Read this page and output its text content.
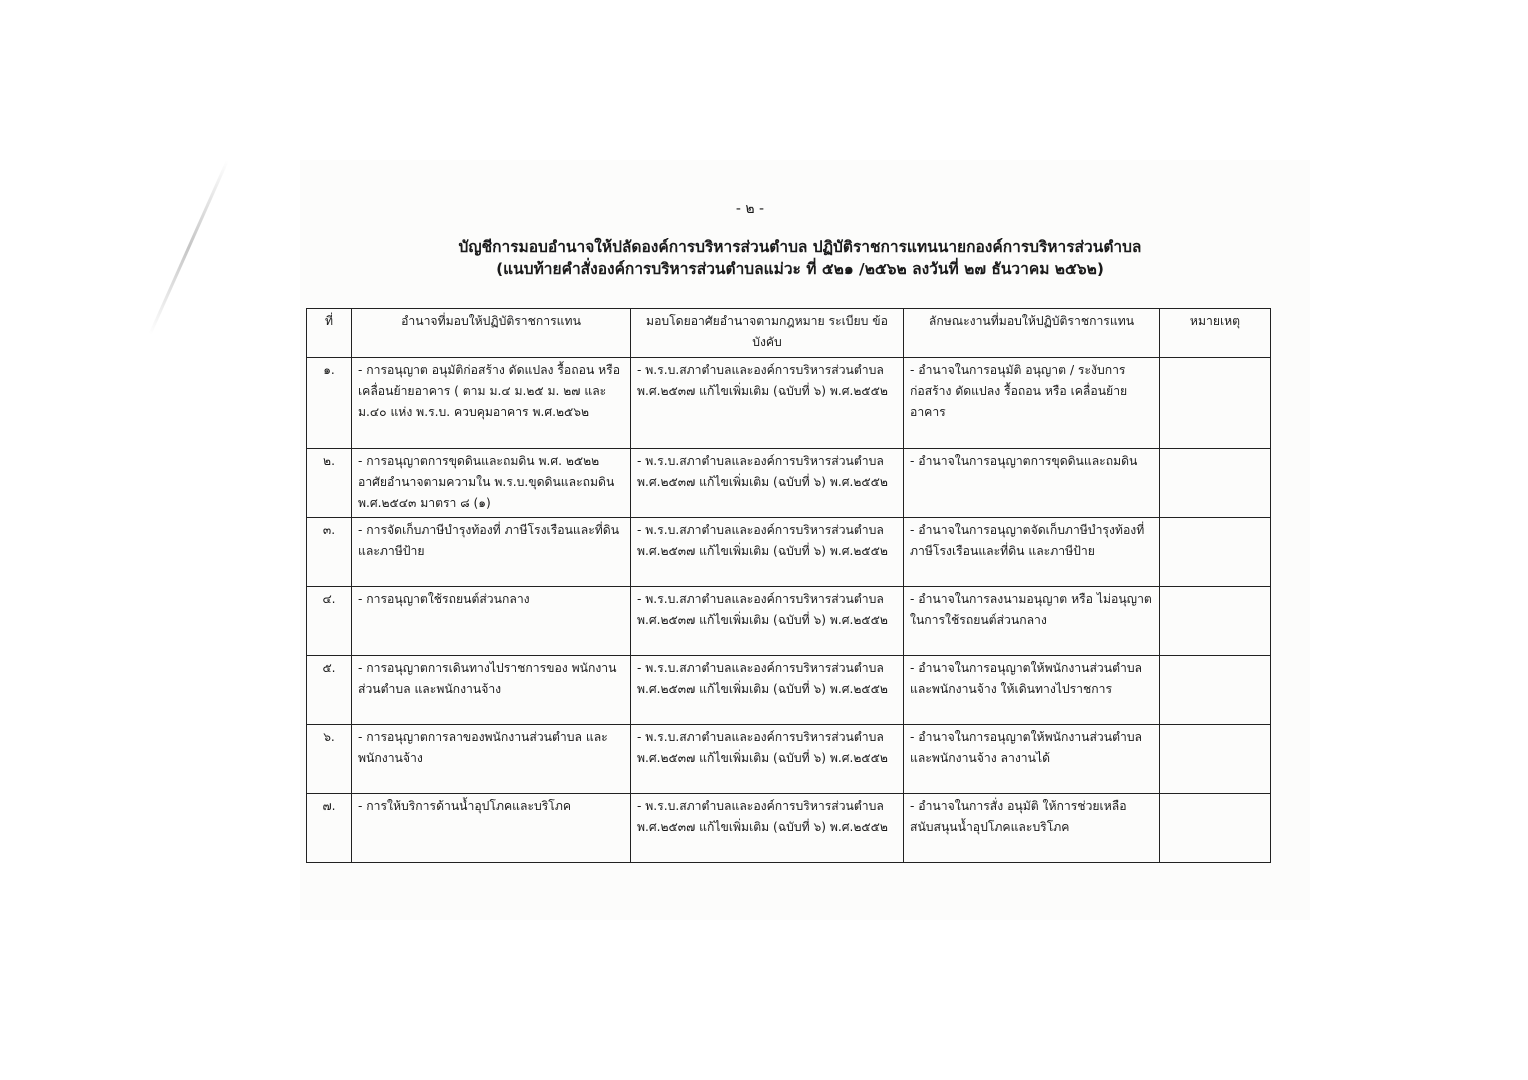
- ๒ -
บัญชีการมอบอำนาจให้ปลัดองค์การบริหารส่วนตำบล ปฏิบัติราชการแทนนายกองค์การบริหารส่วนตำบล
(แนบท้ายคำสั่งองค์การบริหารส่วนตำบลแม่วะ ที่ ๕๒๑ /๒๕๖๒ ลงวันที่ ๒๗ ธันวาคม ๒๕๖๒)
ที่	อำนาจที่มอบให้ปฏิบัติราชการแทน	มอบโดยอาศัยอำนาจตามกฎหมาย ระเบียบ ข้อบังคับ	ลักษณะงานที่มอบให้ปฏิบัติราชการแทน	หมายเหตุ
๑.	- การอนุญาต อนุมัติก่อสร้าง ดัดแปลง รื้อถอน หรือเคลื่อนย้ายอาคาร ( ตาม ม.๔ ม.๒๕ ม. ๒๗ และ ม.๔๐ แห่ง พ.ร.บ. ควบคุมอาคาร พ.ศ.๒๕๖๒	- พ.ร.บ.สภาตำบลและองค์การบริหารส่วนตำบล พ.ศ.๒๕๓๗ แก้ไขเพิ่มเติม (ฉบับที่ ๖) พ.ศ.๒๕๕๒	- อำนาจในการอนุมัติ อนุญาต / ระงับการก่อสร้าง ดัดแปลง รื้อถอน หรือ เคลื่อนย้ายอาคาร	
๒.	- การอนุญาตการขุดดินและถมดิน พ.ศ. ๒๕๒๒ อาศัยอำนาจตามความใน พ.ร.บ.ขุดดินและถมดิน พ.ศ.๒๕๔๓ มาตรา ๘ (๑)	- พ.ร.บ.สภาตำบลและองค์การบริหารส่วนตำบล พ.ศ.๒๕๓๗ แก้ไขเพิ่มเติม (ฉบับที่ ๖) พ.ศ.๒๕๕๒	- อำนาจในการอนุญาตการขุดดินและถมดิน	
๓.	- การจัดเก็บภาษีบำรุงท้องที่ ภาษีโรงเรือนและที่ดิน และภาษีป้าย	- พ.ร.บ.สภาตำบลและองค์การบริหารส่วนตำบล พ.ศ.๒๕๓๗ แก้ไขเพิ่มเติม (ฉบับที่ ๖) พ.ศ.๒๕๕๒	- อำนาจในการอนุญาตจัดเก็บภาษีบำรุงท้องที่ ภาษีโรงเรือนและที่ดิน และภาษีป้าย	
๔.	- การอนุญาตใช้รถยนต์ส่วนกลาง	- พ.ร.บ.สภาตำบลและองค์การบริหารส่วนตำบล พ.ศ.๒๕๓๗ แก้ไขเพิ่มเติม (ฉบับที่ ๖) พ.ศ.๒๕๕๒	- อำนาจในการลงนามอนุญาต หรือ ไม่อนุญาตในการใช้รถยนต์ส่วนกลาง	
๕.	- การอนุญาตการเดินทางไปราชการของ พนักงานส่วนตำบล และพนักงานจ้าง	- พ.ร.บ.สภาตำบลและองค์การบริหารส่วนตำบล พ.ศ.๒๕๓๗ แก้ไขเพิ่มเติม (ฉบับที่ ๖) พ.ศ.๒๕๕๒	- อำนาจในการอนุญาตให้พนักงานส่วนตำบล และพนักงานจ้าง ให้เดินทางไปราชการ	
๖.	- การอนุญาตการลาของพนักงานส่วนตำบล และพนักงานจ้าง	- พ.ร.บ.สภาตำบลและองค์การบริหารส่วนตำบล พ.ศ.๒๕๓๗ แก้ไขเพิ่มเติม (ฉบับที่ ๖) พ.ศ.๒๕๕๒	- อำนาจในการอนุญาตให้พนักงานส่วนตำบล และพนักงานจ้าง ลางานได้	
๗.	- การให้บริการด้านน้ำอุปโภคและบริโภค	- พ.ร.บ.สภาตำบลและองค์การบริหารส่วนตำบล พ.ศ.๒๕๓๗ แก้ไขเพิ่มเติม (ฉบับที่ ๖) พ.ศ.๒๕๕๒	- อำนาจในการสั่ง อนุมัติ ให้การช่วยเหลือ สนับสนุนน้ำอุปโภคและบริโภค	
